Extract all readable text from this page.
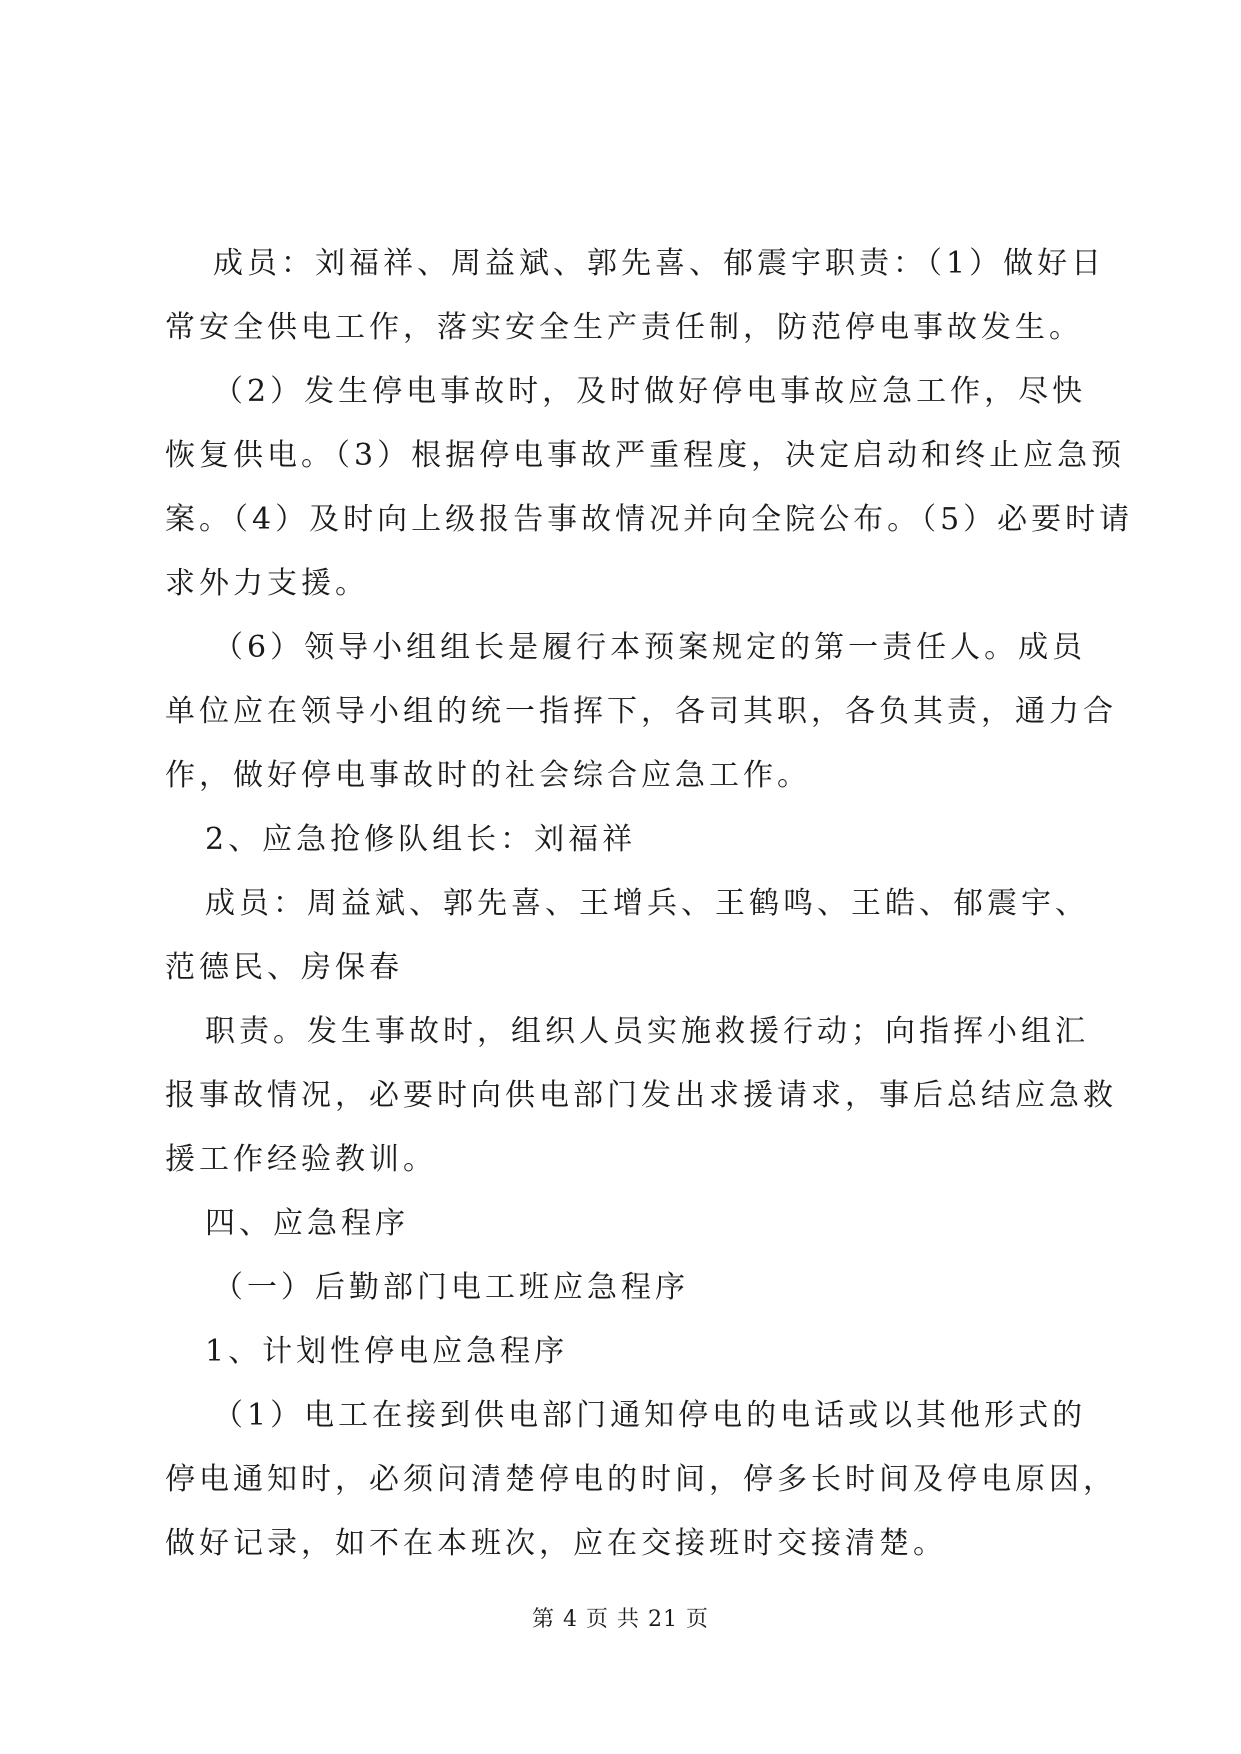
成员：刘福祥、周益斌、郭先喜、郁震宇职责：（1）做好日
常安全供电工作，落实安全生产责任制，防范停电事故发生。
（2）发生停电事故时，及时做好停电事故应急工作，尽快
恢复供电。（3）根据停电事故严重程度，决定启动和终止应急预
案。（4）及时向上级报告事故情况并向全院公布。（5）必要时请
求外力支援。
（6）领导小组组长是履行本预案规定的第一责任人。成员
单位应在领导小组的统一指挥下，各司其职，各负其责，通力合
作，做好停电事故时的社会综合应急工作。
2、应急抢修队组长：刘福祥
成员：周益斌、郭先喜、王增兵、王鹤鸣、王皓、郁震宇、
范德民、房保春
职责。发生事故时，组织人员实施救援行动；向指挥小组汇
报事故情况，必要时向供电部门发出求援请求，事后总结应急救
援工作经验教训。
四、应急程序
（一）后勤部门电工班应急程序
1、计划性停电应急程序
（1）电工在接到供电部门通知停电的电话或以其他形式的
停电通知时，必须问清楚停电的时间，停多长时间及停电原因，
做好记录，如不在本班次，应在交接班时交接清楚。
第 4 页 共 21 页
